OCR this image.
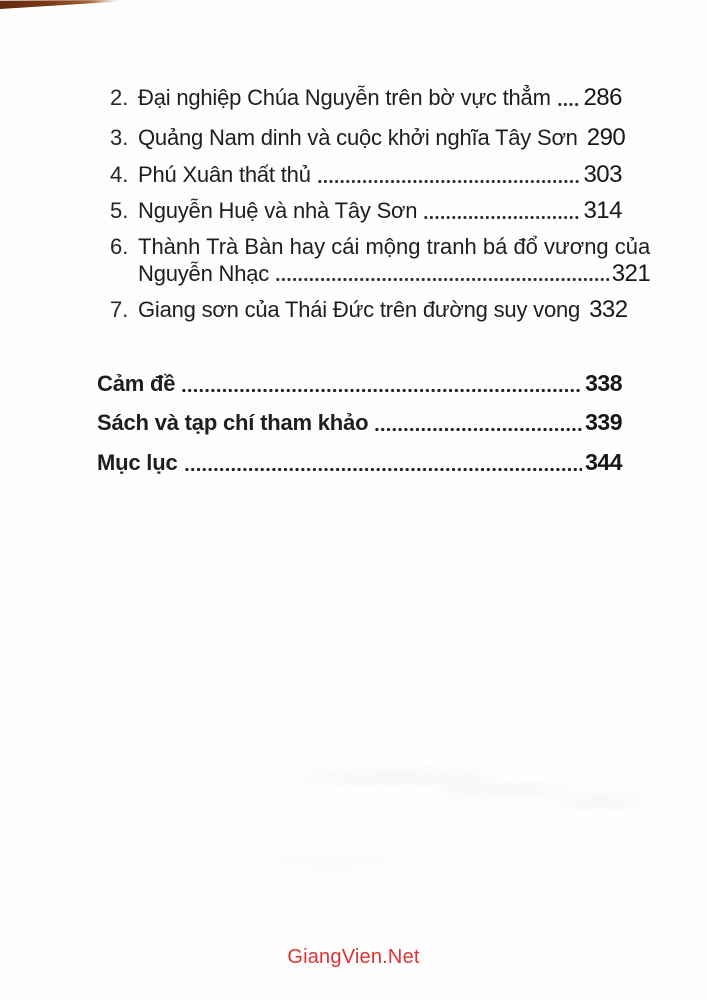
2. Đại nghiệp Chúa Nguyễn trên bờ vực thẳm 286
3. Quảng Nam dinh và cuộc khởi nghĩa Tây Sơn 290
4. Phú Xuân thất thủ	303
5. Nguyễn Huệ và nhà Tây Sơn	314
6. Thành Trà Bàn hay cái mộng tranh bá đổ vương của
Nguyễn Nhạc	321
7. Giang sơn của Thái Đức trên đường suy vong 332
Cảm đề	338
Sách và tạp chí tham khảo	339
Mục lục	344
GiangVien.Net
